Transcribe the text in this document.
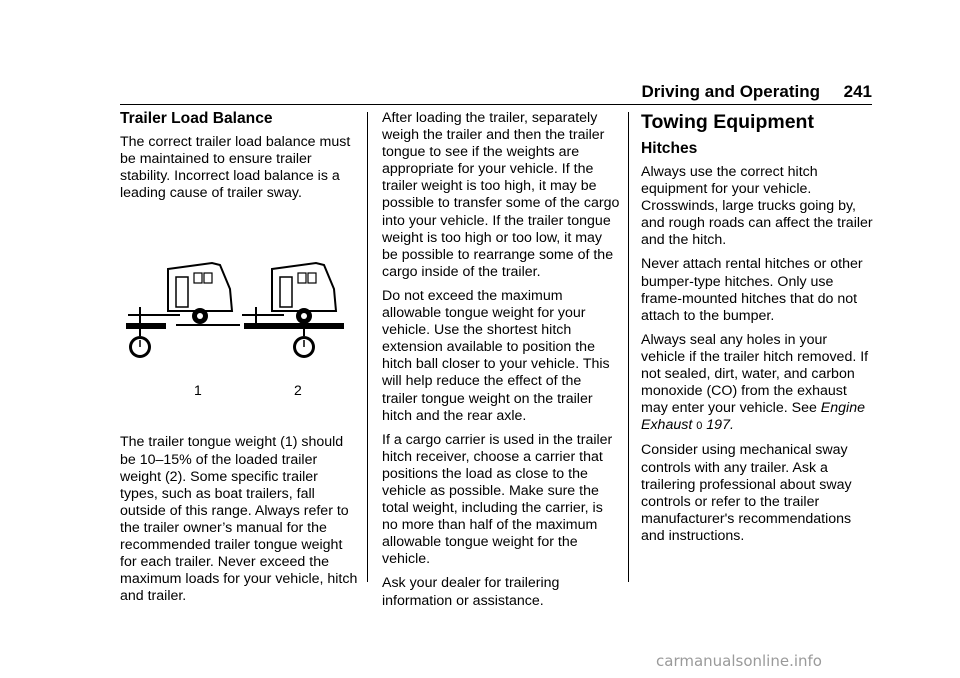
Driving and Operating 241
Trailer Load Balance

The correct trailer load balance must be maintained to ensure trailer stability. Incorrect load balance is a leading cause of trailer sway.

1	2

The trailer tongue weight (1) should be 10–15% of the loaded trailer weight (2). Some specific trailer types, such as boat trailers, fall outside of this range. Always refer to the trailer owner’s manual for the recommended trailer tongue weight for each trailer. Never exceed the maximum loads for your vehicle, hitch and trailer.

After loading the trailer, separately weigh the trailer and then the trailer tongue to see if the weights are appropriate for your vehicle. If the trailer weight is too high, it may be possible to transfer some of the cargo into your vehicle. If the trailer tongue weight is too high or too low, it may be possible to rearrange some of the cargo inside of the trailer.

Do not exceed the maximum allowable tongue weight for your vehicle. Use the shortest hitch extension available to position the hitch ball closer to your vehicle. This will help reduce the effect of the trailer tongue weight on the trailer hitch and the rear axle.

If a cargo carrier is used in the trailer hitch receiver, choose a carrier that positions the load as close to the vehicle as possible. Make sure the total weight, including the carrier, is no more than half of the maximum allowable tongue weight for the vehicle.

Ask your dealer for trailering information or assistance.

Towing Equipment
Hitches

Always use the correct hitch equipment for your vehicle. Crosswinds, large trucks going by, and rough roads can affect the trailer and the hitch.

Never attach rental hitches or other bumper-type hitches. Only use frame-mounted hitches that do not attach to the bumper.

Always seal any holes in your vehicle if the trailer hitch removed. If not sealed, dirt, water, and carbon monoxide (CO) from the exhaust may enter your vehicle. See Engine Exhaust 0 197.

Consider using mechanical sway controls with any trailer. Ask a trailering professional about sway controls or refer to the trailer manufacturer's recommendations and instructions.

carmanualsonline.info
